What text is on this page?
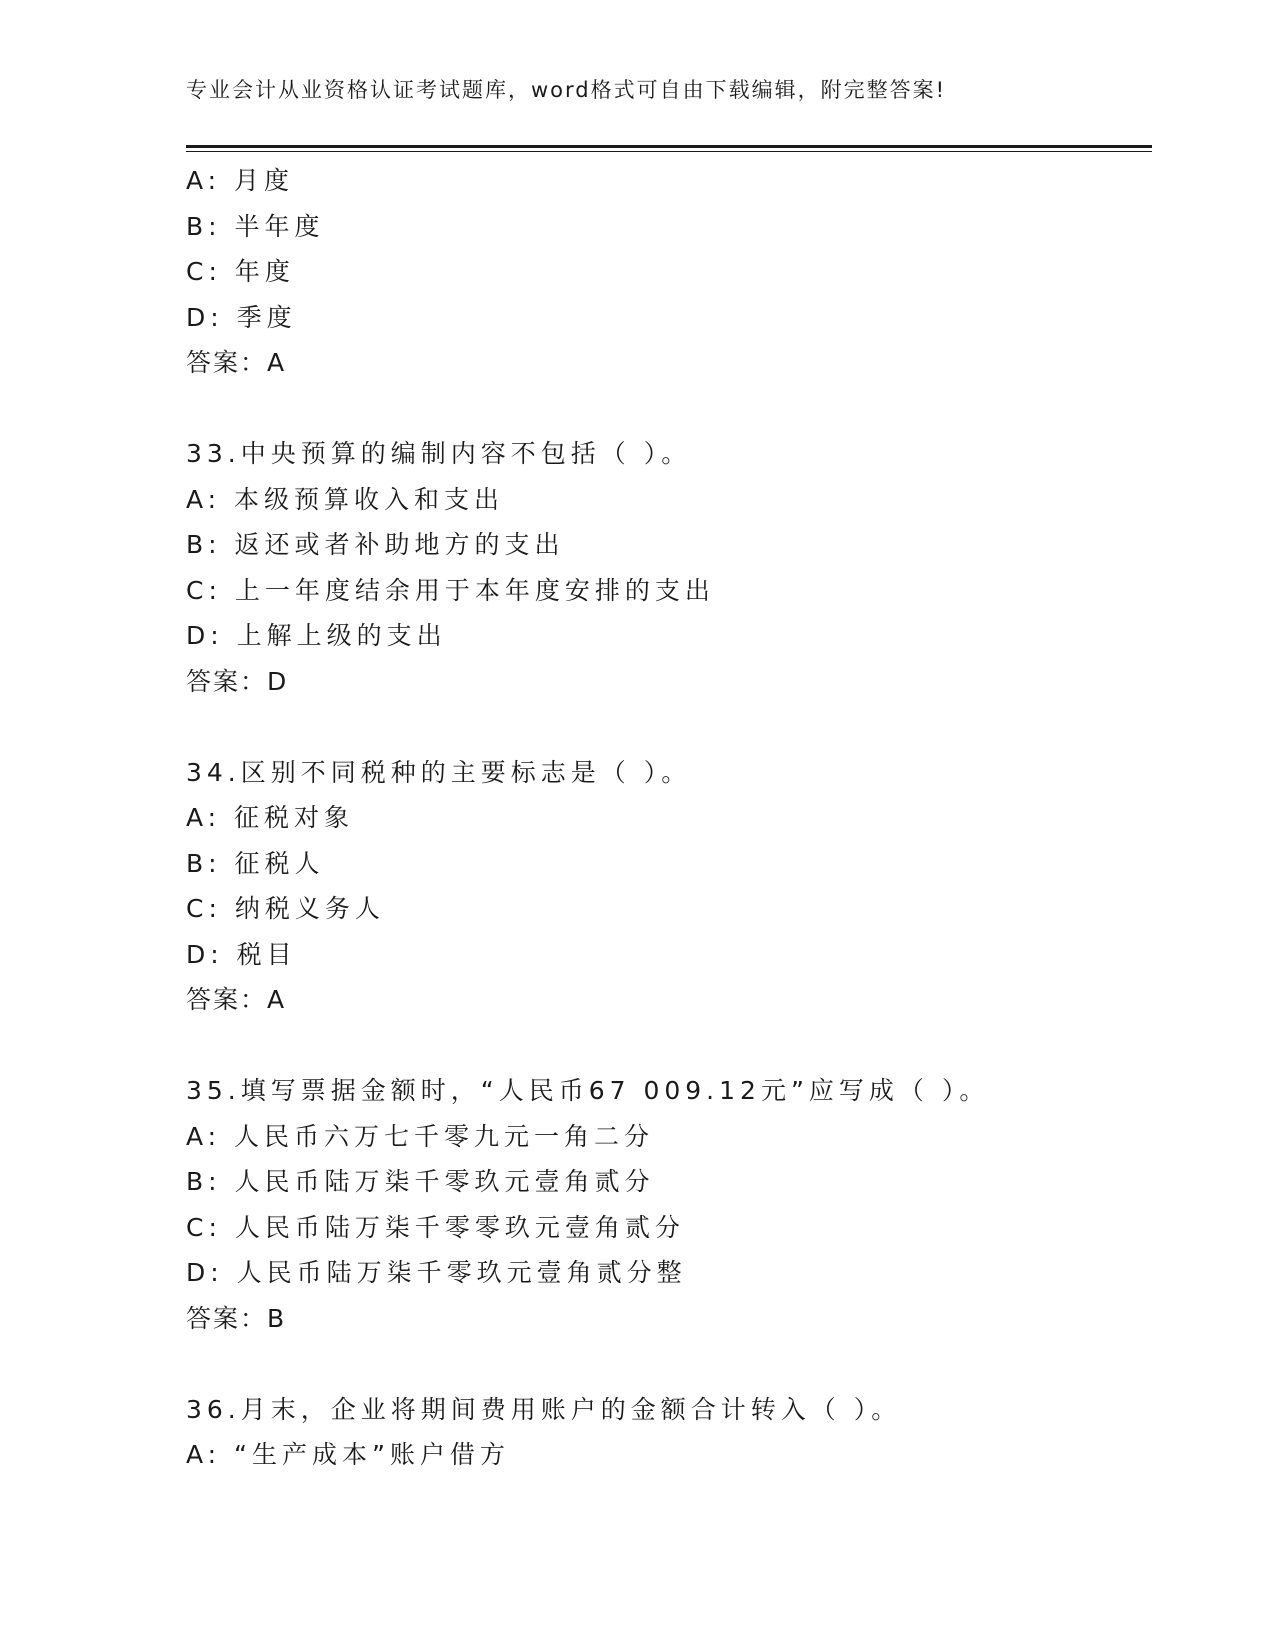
专业会计从业资格认证考试题库，word格式可自由下载编辑，附完整答案!
A: 月度
B: 半年度
C: 年度
D: 季度
答案：A
33.中央预算的编制内容不包括（ ）。
A: 本级预算收入和支出
B: 返还或者补助地方的支出
C: 上一年度结余用于本年度安排的支出
D: 上解上级的支出
答案：D
34.区别不同税种的主要标志是（ ）。
A: 征税对象
B: 征税人
C: 纳税义务人
D: 税目
答案：A
35.填写票据金额时，“人民币67 009.12元”应写成（ ）。
A: 人民币六万七千零九元一角二分
B: 人民币陆万柒千零玖元壹角贰分
C: 人民币陆万柒千零零玖元壹角贰分
D: 人民币陆万柒千零玖元壹角贰分整
答案：B
36.月末，企业将期间费用账户的金额合计转入（ ）。
A: “生产成本”账户借方
